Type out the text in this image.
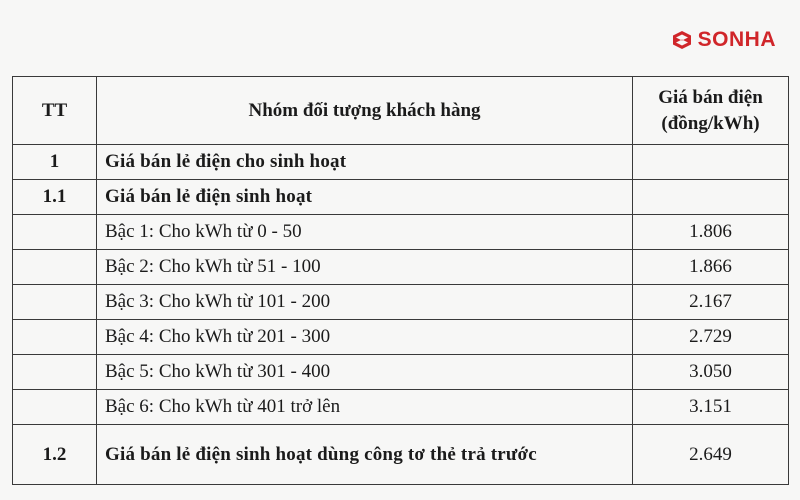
SONHA
TT	Nhóm đối tượng khách hàng	Giá bán điện
(đồng/kWh)

1	Giá bán lẻ điện cho sinh hoạt	
1.1	Giá bán lẻ điện sinh hoạt	
	Bậc 1: Cho kWh từ 0 - 50	1.806
	Bậc 2: Cho kWh từ 51 - 100	1.866
	Bậc 3: Cho kWh từ 101 - 200	2.167
	Bậc 4: Cho kWh từ 201 - 300	2.729
	Bậc 5: Cho kWh từ 301 - 400	3.050
	Bậc 6: Cho kWh từ 401 trở lên	3.151
1.2	Giá bán lẻ điện sinh hoạt dùng công tơ thẻ trả trước	2.649
